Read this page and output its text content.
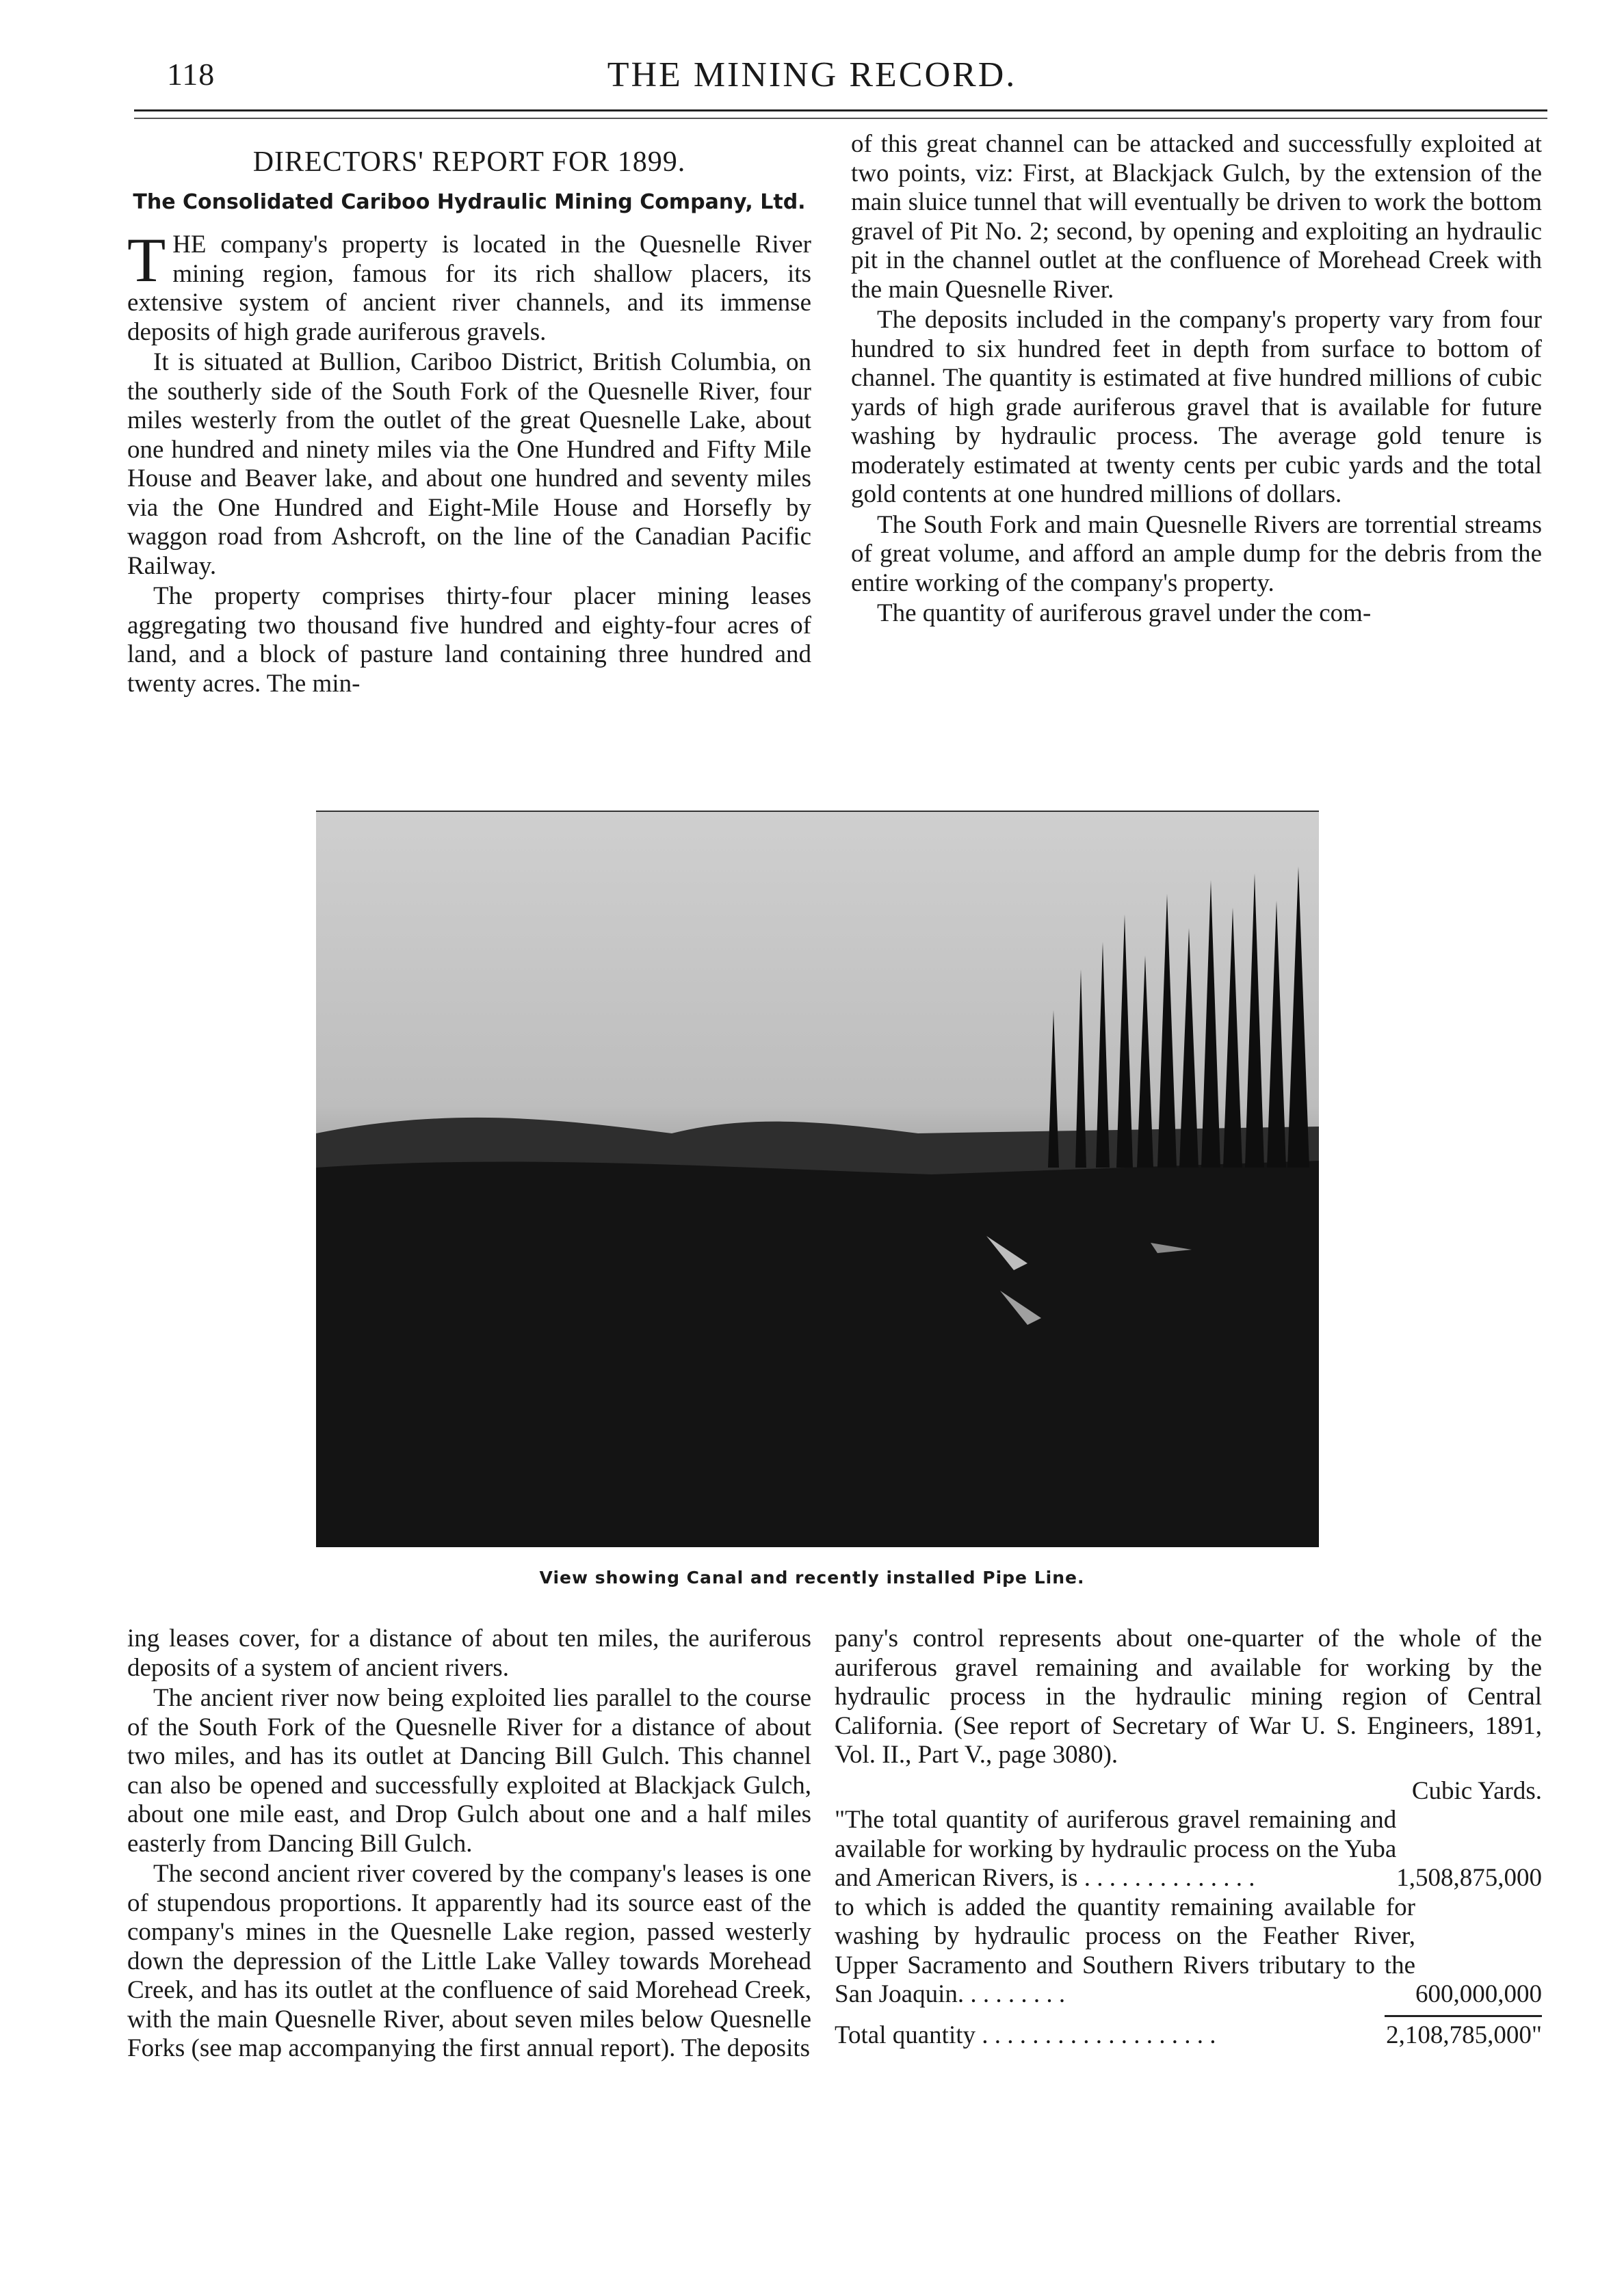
118	THE MINING RECORD.
DIRECTORS' REPORT FOR 1899.
The Consolidated Cariboo Hydraulic Mining Company, Ltd.

THE company's property is located in the Quesnelle River mining region, famous for its rich shallow placers, its extensive system of ancient river channels, and its immense deposits of high grade auriferous gravels.

It is situated at Bullion, Cariboo District, British Columbia, on the southerly side of the South Fork of the Quesnelle River, four miles westerly from the outlet of the great Quesnelle Lake, about one hundred and ninety miles via the One Hundred and Fifty Mile House and Beaver lake, and about one hundred and seventy miles via the One Hundred and Eight-Mile House and Horsefly by waggon road from Ashcroft, on the line of the Canadian Pacific Railway.

The property comprises thirty-four placer mining leases aggregating two thousand five hundred and eighty-four acres of land, and a block of pasture land containing three hundred and twenty acres. The min-

of this great channel can be attacked and successfully exploited at two points, viz: First, at Blackjack Gulch, by the extension of the main sluice tunnel that will eventually be driven to work the bottom gravel of Pit No. 2; second, by opening and exploiting an hydraulic pit in the channel outlet at the confluence of Morehead Creek with the main Quesnelle River.

The deposits included in the company's property vary from four hundred to six hundred feet in depth from surface to bottom of channel. The quantity is estimated at five hundred millions of cubic yards of high grade auriferous gravel that is available for future washing by hydraulic process. The average gold tenure is moderately estimated at twenty cents per cubic yards and the total gold contents at one hundred millions of dollars.

The South Fork and main Quesnelle Rivers are torrential streams of great volume, and afford an ample dump for the debris from the entire working of the company's property.

The quantity of auriferous gravel under the com-

View showing Canal and recently installed Pipe Line.

ing leases cover, for a distance of about ten miles, the auriferous deposits of a system of ancient rivers.

The ancient river now being exploited lies parallel to the course of the South Fork of the Quesnelle River for a distance of about two miles, and has its outlet at Dancing Bill Gulch. This channel can also be opened and successfully exploited at Blackjack Gulch, about one mile east, and Drop Gulch about one and a half miles easterly from Dancing Bill Gulch.

The second ancient river covered by the company's leases is one of stupendous proportions. It apparently had its source east of the company's mines in the Quesnelle Lake region, passed westerly down the depression of the Little Lake Valley towards Morehead Creek, and has its outlet at the confluence of said Morehead Creek, with the main Quesnelle River, about seven miles below Quesnelle Forks (see map accompanying the first annual report). The deposits

pany's control represents about one-quarter of the whole of the auriferous gravel remaining and available for working by the hydraulic process in the hydraulic mining region of Central California. (See report of Secretary of War U. S. Engineers, 1891, Vol. II., Part V., page 3080).

Cubic Yards.

"The total quantity of auriferous gravel remaining and available for working by hydraulic process on the Yuba and American Rivers, is . . . . . . . . . . . . . .	1,508,875,000

to which is added the quantity remaining available for washing by hydraulic process on the Feather River, Upper Sacramento and Southern Rivers tributary to the San Joaquin. . . . . . . . .	600,000,000
Total quantity . . . . . . . . . . . . . . . . . . .	2,108,785,000"
